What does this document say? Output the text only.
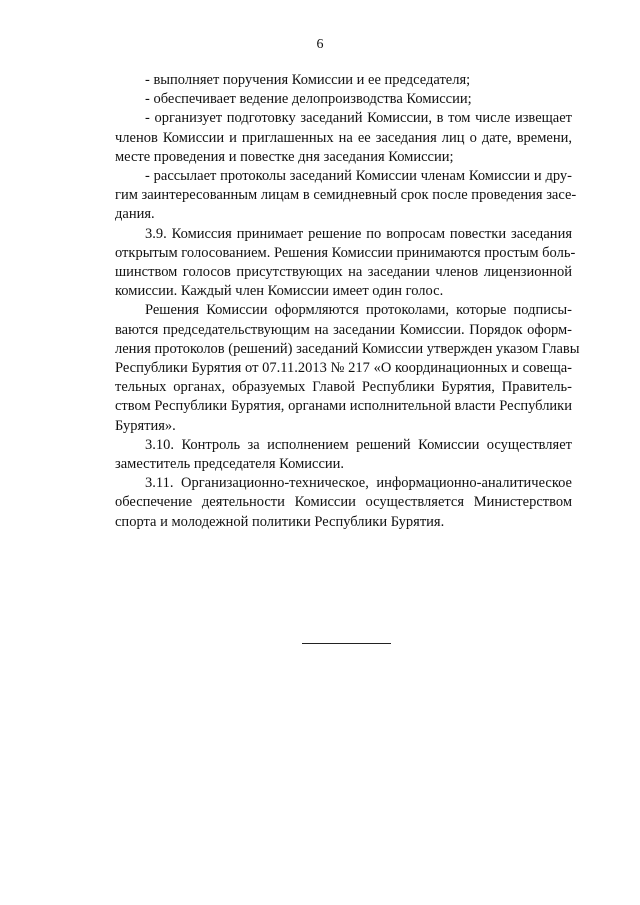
6

- выполняет поручения Комиссии и ее председателя;

- обеспечивает ведение делопроизводства Комиссии;

- организует подготовку заседаний Комиссии, в том числе извещает
членов Комиссии и приглашенных на ее заседания лиц о дате, времени,
месте проведения и повестке дня заседания Комиссии;

- рассылает протоколы заседаний Комиссии членам Комиссии и дру-
гим заинтересованным лицам в семидневный срок после проведения засе-
дания.

3.9. Комиссия принимает решение по вопросам повестки заседания
открытым голосованием. Решения Комиссии принимаются простым боль-
шинством голосов присутствующих на заседании членов лицензионной
комиссии. Каждый член Комиссии имеет один голос.

Решения Комиссии оформляются протоколами, которые подписы-
ваются председательствующим на заседании Комиссии. Порядок оформ-
ления протоколов (решений) заседаний Комиссии утвержден указом Главы
Республики Бурятия от 07.11.2013 № 217 «О координационных и совеща-
тельных органах, образуемых Главой Республики Бурятия, Правитель-
ством Республики Бурятия, органами исполнительной власти Республики
Бурятия».

3.10. Контроль за исполнением решений Комиссии осуществляет
заместитель председателя Комиссии.

3.11. Организационно-техническое, информационно-аналитическое
обеспечение деятельности Комиссии осуществляется Министерством
спорта и молодежной политики Республики Бурятия.
